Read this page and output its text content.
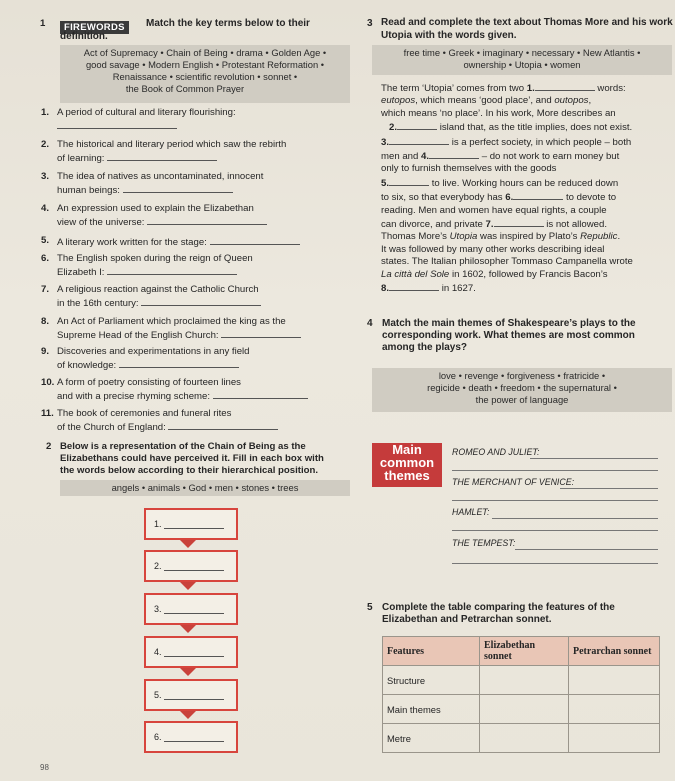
1	FIREWORDS	Match the key terms below to their
definition.
Act of Supremacy • Chain of Being • drama • Golden Age •
good savage • Modern English • Protestant Reformation •
Renaissance • scientific revolution • sonnet •
the Book of Common Prayer
1. A period of cultural and literary flourishing:
2. The historical and literary period which saw the rebirth
of learning:
3. The idea of natives as uncontaminated, innocent
human beings:
4. An expression used to explain the Elizabethan
view of the universe:
5. A literary work written for the stage:
6. The English spoken during the reign of Queen
Elizabeth I:
7. A religious reaction against the Catholic Church
in the 16th century:
8. An Act of Parliament which proclaimed the king as the
Supreme Head of the English Church:
9. Discoveries and experimentations in any field
of knowledge:
10. A form of poetry consisting of fourteen lines
and with a precise rhyming scheme:
11. The book of ceremonies and funeral rites
of the Church of England:
2 Below is a representation of the Chain of Being as the
Elizabethans could have perceived it. Fill in each box with
the words below according to their hierarchical position.
angels • animals • God • men • stones • trees
1.
2.
3.
4.
5.
6.
98
3 Read and complete the text about Thomas More and his work
Utopia with the words given.
free time • Greek • imaginary • necessary • New Atlantis •
ownership • Utopia • women
The term ‘Utopia’ comes from two 1.	words:
eutopos, which means ‘good place’, and outopos,
which means ‘no place’. In his work, More describes an
2.	island that, as the title implies, does not exist.
3.	is a perfect society, in which people – both
men and 4.	– do not work to earn money but
only to furnish themselves with the goods
5.	to live. Working hours can be reduced down
to six, so that everybody has 6.	to devote to
reading. Men and women have equal rights, a couple
can divorce, and private 7.	is not allowed.
Thomas More’s Utopia was inspired by Plato’s Republic.
It was followed by many other works describing ideal
states. The Italian philosopher Tommaso Campanella wrote
La città del Sole in 1602, followed by Francis Bacon’s
8.	in 1627.
4 Match the main themes of Shakespeare’s plays to the
corresponding work. What themes are most common
among the plays?
love • revenge • forgiveness • fratricide •
regicide • death • freedom • the supernatural •
the power of language
Main
common
themes
ROMEO AND JULIET:
THE MERCHANT OF VENICE:
HAMLET:
THE TEMPEST:
5 Complete the table comparing the features of the
Elizabethan and Petrarchan sonnet.
Features	Elizabethan sonnet	Petrarchan sonnet
Structure		
Main themes		
Metre		
